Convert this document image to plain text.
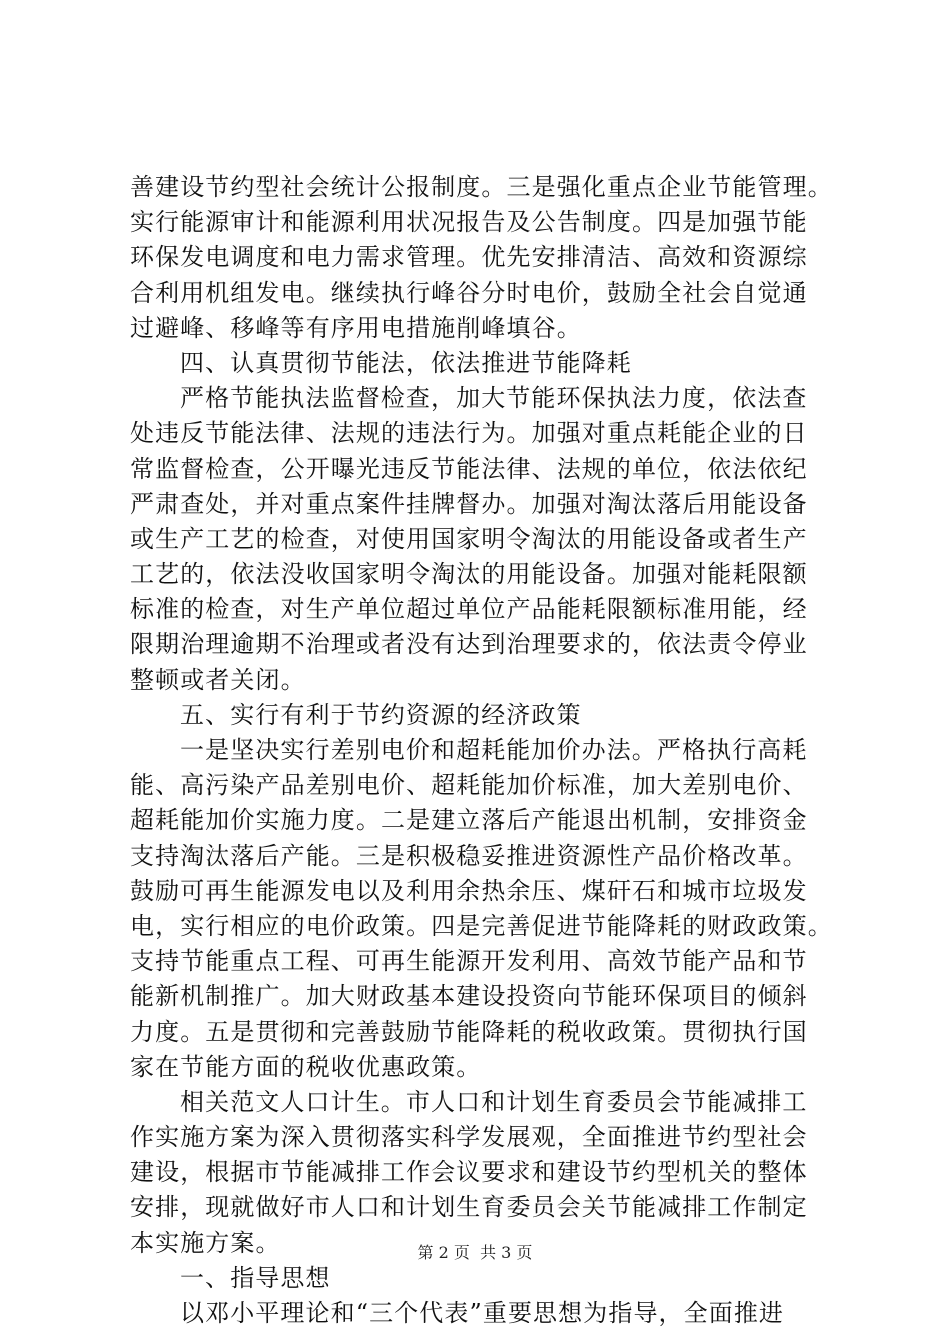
善建设节约型社会统计公报制度。三是强化重点企业节能管理。
实行能源审计和能源利用状况报告及公告制度。四是加强节能
环保发电调度和电力需求管理。优先安排清洁、高效和资源综
合利用机组发电。继续执行峰谷分时电价，鼓励全社会自觉通
过避峰、移峰等有序用电措施削峰填谷。
四、认真贯彻节能法，依法推进节能降耗
严格节能执法监督检查，加大节能环保执法力度，依法查
处违反节能法律、法规的违法行为。加强对重点耗能企业的日
常监督检查，公开曝光违反节能法律、法规的单位，依法依纪
严肃查处，并对重点案件挂牌督办。加强对淘汰落后用能设备
或生产工艺的检查，对使用国家明令淘汰的用能设备或者生产
工艺的，依法没收国家明令淘汰的用能设备。加强对能耗限额
标准的检查，对生产单位超过单位产品能耗限额标准用能，经
限期治理逾期不治理或者没有达到治理要求的，依法责令停业
整顿或者关闭。
五、实行有利于节约资源的经济政策
一是坚决实行差别电价和超耗能加价办法。严格执行高耗
能、高污染产品差别电价、超耗能加价标准，加大差别电价、
超耗能加价实施力度。二是建立落后产能退出机制，安排资金
支持淘汰落后产能。三是积极稳妥推进资源性产品价格改革。
鼓励可再生能源发电以及利用余热余压、煤矸石和城市垃圾发
电，实行相应的电价政策。四是完善促进节能降耗的财政政策。
支持节能重点工程、可再生能源开发利用、高效节能产品和节
能新机制推广。加大财政基本建设投资向节能环保项目的倾斜
力度。五是贯彻和完善鼓励节能降耗的税收政策。贯彻执行国
家在节能方面的税收优惠政策。
相关范文人口计生。市人口和计划生育委员会节能减排工
作实施方案为深入贯彻落实科学发展观，全面推进节约型社会
建设，根据市节能减排工作会议要求和建设节约型机关的整体
安排，现就做好市人口和计划生育委员会关节能减排工作制定
本实施方案。
一、指导思想
以邓小平理论和“三个代表”重要思想为指导，全面推进
第 2 页  共 3 页
